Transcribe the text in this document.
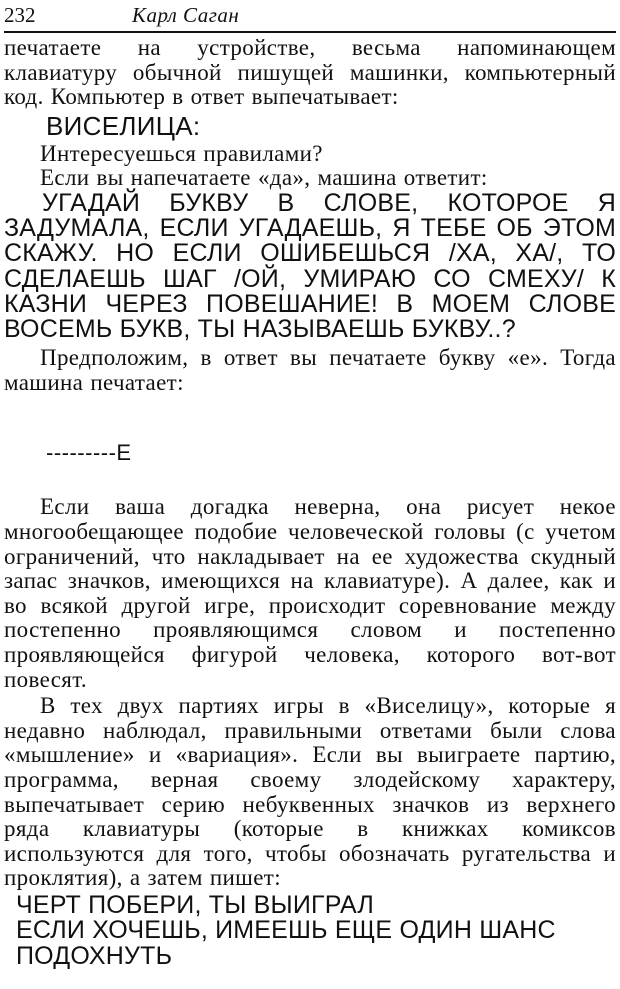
232	Карл Саган

печатаете на устройстве, весьма напоминающем клавиатуру обычной пишущей машинки, компьютерный код. Компьютер в ответ выпечатывает:

ВИСЕЛИЦА:

Интересуешься правилами?

Если вы напечатаете «да», машина ответит:

УГАДАЙ БУКВУ В СЛОВЕ, КОТОРОЕ Я ЗАДУМАЛА, ЕСЛИ УГАДАЕШЬ, Я ТЕБЕ ОБ ЭТОМ СКАЖУ. НО ЕСЛИ ОШИБЕШЬСЯ /ХА, ХА/, ТО СДЕЛАЕШЬ ШАГ /ОЙ, УМИРАЮ СО СМЕХУ/ К КАЗНИ ЧЕРЕЗ ПОВЕШАНИЕ! В МОЕМ СЛОВЕ ВОСЕМЬ БУКВ, ТЫ НАЗЫВАЕШЬ БУКВУ..?

Предположим, в ответ вы печатаете букву «е». Тогда машина печатает:

---------Е

Если ваша догадка неверна, она рисует некое многообещающее подобие человеческой головы (с учетом ограничений, что накладывает на ее художества скудный запас значков, имеющихся на клавиатуре). А далее, как и во всякой другой игре, происходит соревнование между постепенно проявляющимся словом и постепенно проявляющейся фигурой человека, которого вот-вот повесят.

В тех двух партиях игры в «Виселицу», которые я недавно наблюдал, правильными ответами были слова «мышление» и «вариация». Если вы выиграете партию, программа, верная своему злодейскому характеру, выпечатывает серию небуквенных значков из верхнего ряда клавиатуры (которые в книжках комиксов используются для того, чтобы обозначать ругательства и проклятия), а затем пишет:

ЧЕРТ ПОБЕРИ, ТЫ ВЫИГРАЛ

ЕСЛИ ХОЧЕШЬ, ИМЕЕШЬ ЕЩЕ ОДИН ШАНС

ПОДОХНУТЬ
